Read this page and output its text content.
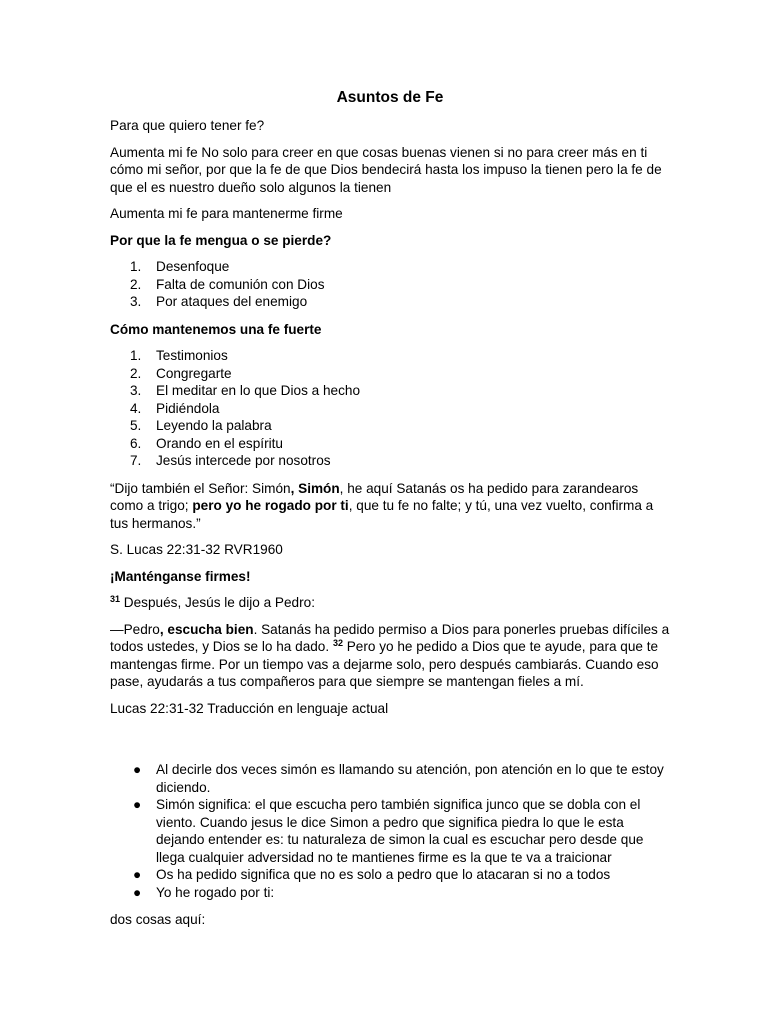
Asuntos de Fe

Para que quiero tener fe?

Aumenta mi fe No solo para creer en que cosas buenas vienen si no para creer más en ti cómo mi señor, por que la fe de que Dios bendecirá hasta los impuso la tienen pero la fe de que el es nuestro dueño solo algunos la tienen

Aumenta mi fe para mantenerme firme

Por que la fe mengua o se pierde?

1. Desenfoque
2. Falta de comunión con Dios
3. Por ataques del enemigo

Cómo mantenemos una fe fuerte

1. Testimonios
2. Congregarte
3. El meditar en lo que Dios a hecho
4. Pidiéndola
5. Leyendo la palabra
6. Orando en el espíritu
7. Jesús intercede por nosotros

“Dijo también el Señor: Simón, Simón, he aquí Satanás os ha pedido para zarandearos como a trigo; pero yo he rogado por ti, que tu fe no falte; y tú, una vez vuelto, confirma a tus hermanos.”

S. Lucas 22:31-32 RVR1960

¡Manténganse firmes!

$^{31}$ Después, Jesús le dijo a Pedro:

—Pedro, escucha bien. Satanás ha pedido permiso a Dios para ponerles pruebas difíciles a todos ustedes, y Dios se lo ha dado. $^{32}$ Pero yo he pedido a Dios que te ayude, para que te mantengas firme. Por un tiempo vas a dejarme solo, pero después cambiarás. Cuando eso pase, ayudarás a tus compañeros para que siempre se mantengan fieles a mí.

Lucas 22:31-32 Traducción en lenguaje actual

● Al decirle dos veces simón es llamando su atención, pon atención en lo que te estoy diciendo.
● Simón significa: el que escucha pero también significa junco que se dobla con el viento. Cuando jesus le dice Simon a pedro que significa piedra lo que le esta dejando entender es: tu naturaleza de simon la cual es escuchar pero desde que llega cualquier adversidad no te mantienes firme es la que te va a traicionar
● Os ha pedido significa que no es solo a pedro que lo atacaran si no a todos
● Yo he rogado por ti:

dos cosas aquí:
